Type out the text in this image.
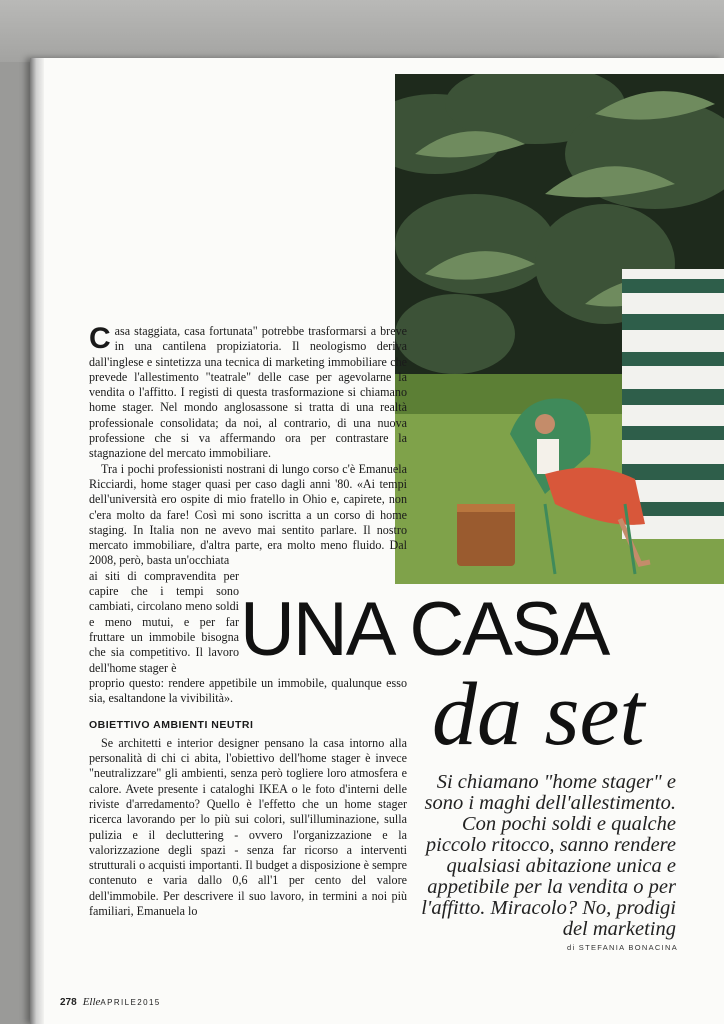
Casa staggiata, casa fortunata" potrebbe trasformarsi a breve in una cantilena propiziatoria. Il neologismo deriva dall'inglese e sintetizza una tecnica di marketing immobiliare che prevede l'allestimento "teatrale" delle case per agevolarne la vendita o l'affitto. I registi di questa trasformazione si chiamano home stager. Nel mondo anglosassone si tratta di una realtà professionale consolidata; da noi, al contrario, di una nuova professione che si va affermando ora per contrastare la stagnazione del mercato immobiliare.

Tra i pochi professionisti nostrani di lungo corso c'è Emanuela Ricciardi, home stager quasi per caso dagli anni '80. «Ai tempi dell'università ero ospite di mio fratello in Ohio e, capirete, non c'era molto da fare! Così mi sono iscritta a un corso di home staging. In Italia non ne avevo mai sentito parlare. Il nostro mercato immobiliare, d'altra parte, era molto meno fluido. Dal 2008, però, basta un'occhiata

ai siti di compravendita per capire che i tempi sono cambiati, circolano meno soldi e meno mutui, e per far fruttare un immobile bisogna che sia competitivo. Il lavoro dell'home stager è

proprio questo: rendere appetibile un immobile, qualunque esso sia, esaltandone la vivibilità».

OBIETTIVO AMBIENTI NEUTRI

Se architetti e interior designer pensano la casa intorno alla personalità di chi ci abita, l'obiettivo dell'home stager è invece "neutralizzare" gli ambienti, senza però togliere loro atmosfera e calore. Avete presente i cataloghi IKEA o le foto d'interni delle riviste d'arredamento? Quello è l'effetto che un home stager ricerca lavorando per lo più sui colori, sull'illuminazione, sulla pulizia e il decluttering - ovvero l'organizzazione e la valorizzazione degli spazi - senza far ricorso a interventi strutturali o acquisti importanti. Il budget a disposizione è sempre contenuto e varia dallo 0,6 all'1 per cento del valore dell'immobile. Per descrivere il suo lavoro, in termini a noi più familiari, Emanuela lo

UNA CASA
da set
Si chiamano "home stager" e sono i maghi dell'allestimento. Con pochi soldi e qualche piccolo ritocco, sanno rendere qualsiasi abitazione unica e appetibile per la vendita o per l'affitto. Miracolo? No, prodigi del marketing
di STEFANIA BONACINA
278 ElleAPRILE2015
